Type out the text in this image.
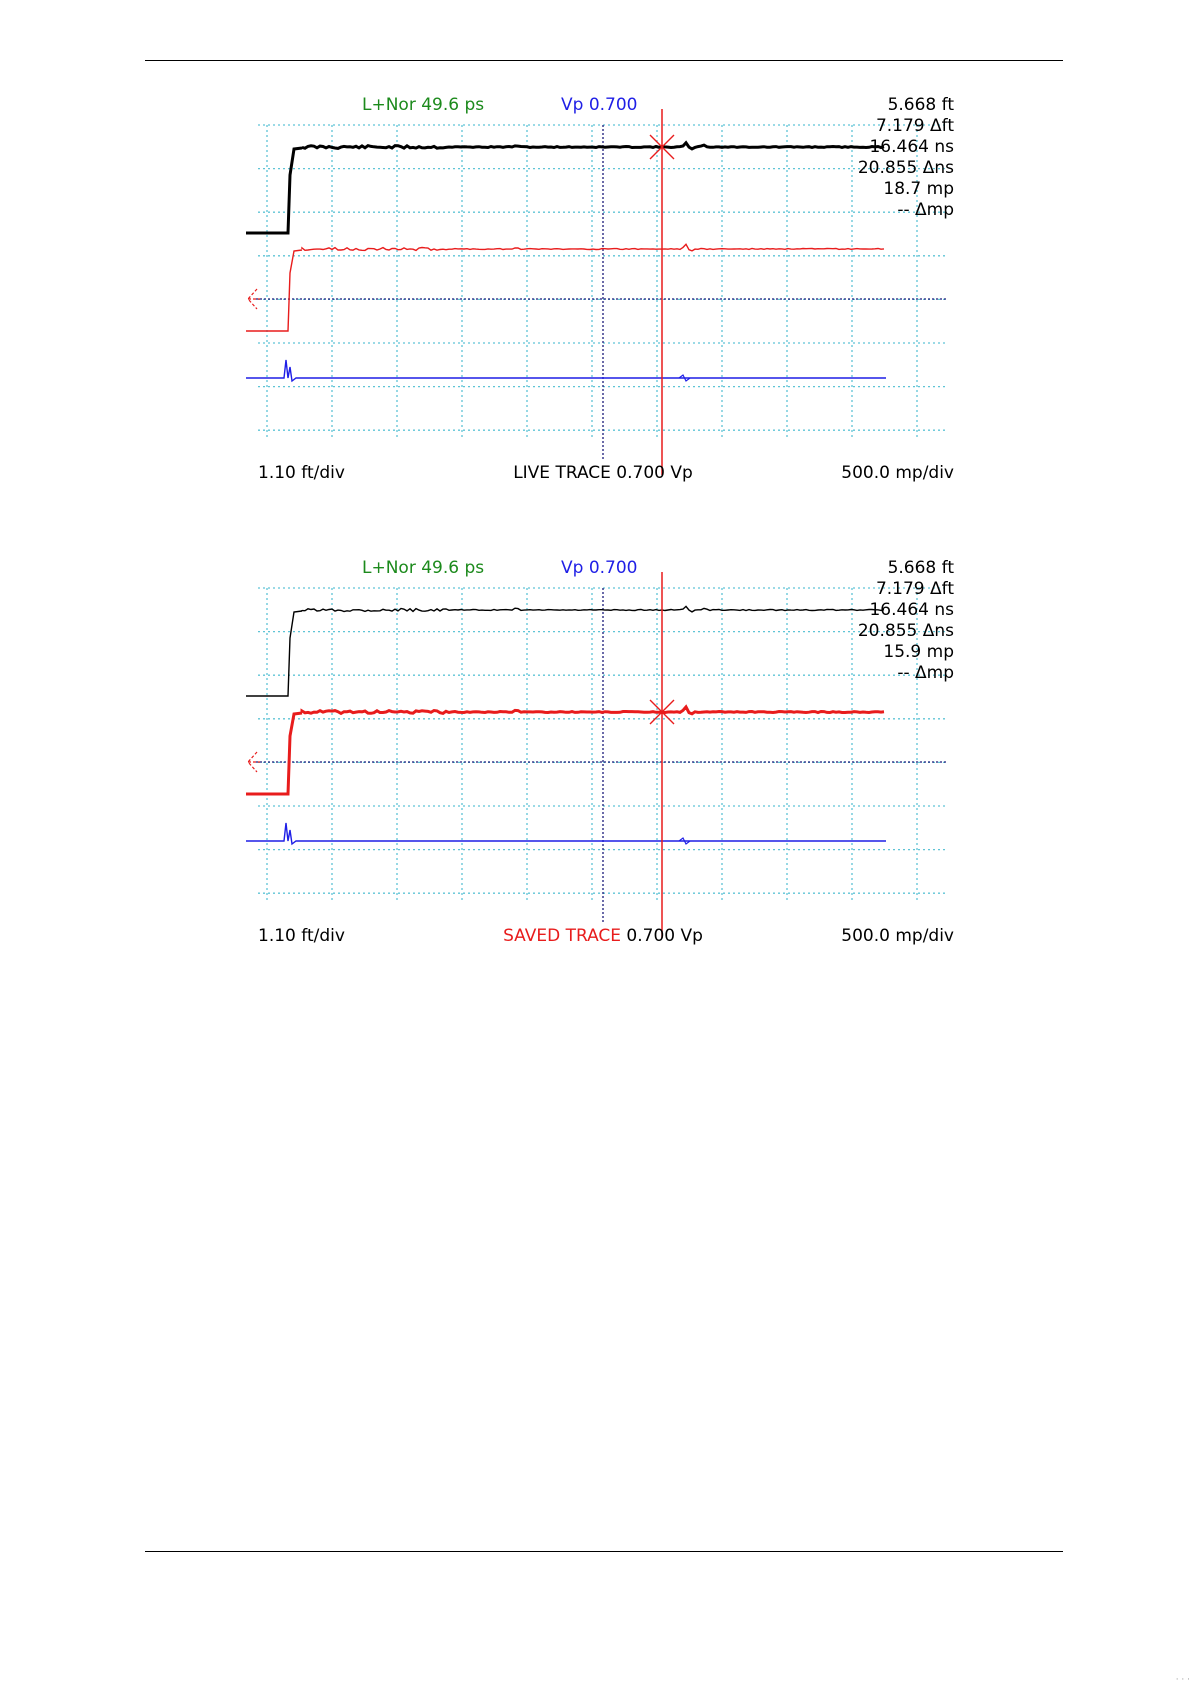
L+Nor 49.6 ps	Vp 0.700	5.668 ft
7.179 Δft
16.464 ns
20.855 Δns
18.7 mp
-- Δmp
1.10 ft/div	LIVE TRACE 0.700 Vp	500.0 mp/div
L+Nor 49.6 ps	Vp 0.700	5.668 ft
7.179 Δft
16.464 ns
20.855 Δns
15.9 mp
-- Δmp
1.10 ft/div	SAVED TRACE 0.700 Vp	500.0 mp/div
· · ·
